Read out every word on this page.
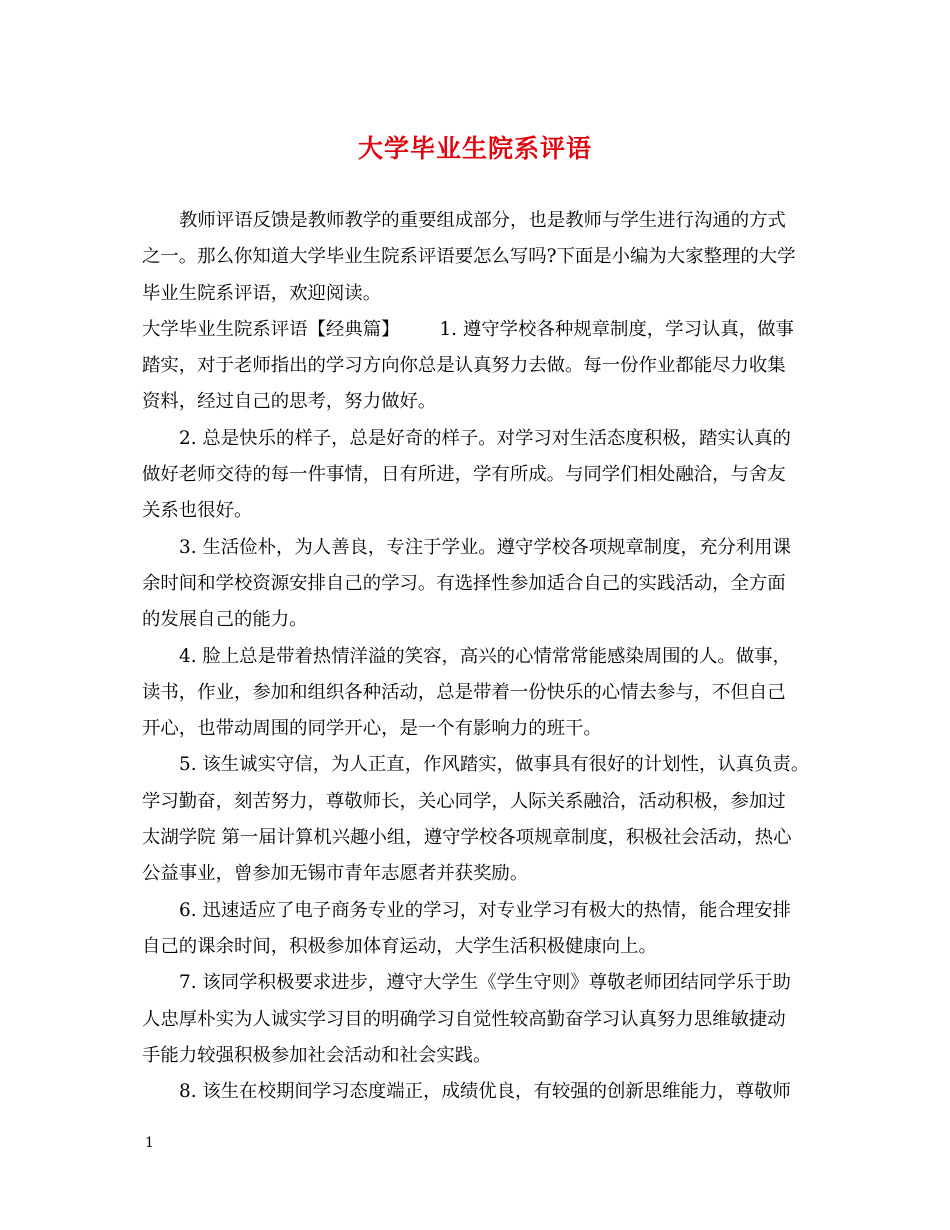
大学毕业生院系评语
教师评语反馈是教师教学的重要组成部分，也是教师与学生进行沟通的方式
之一。那么你知道大学毕业生院系评语要怎么写吗?下面是小编为大家整理的大学
毕业生院系评语，欢迎阅读。
大学毕业生院系评语【经典篇】 1. 遵守学校各种规章制度，学习认真，做事
踏实，对于老师指出的学习方向你总是认真努力去做。每一份作业都能尽力收集
资料，经过自己的思考，努力做好。
2. 总是快乐的样子，总是好奇的样子。对学习对生活态度积极，踏实认真的
做好老师交待的每一件事情，日有所进，学有所成。与同学们相处融洽，与舍友
关系也很好。
3. 生活俭朴，为人善良，专注于学业。遵守学校各项规章制度，充分利用课
余时间和学校资源安排自己的学习。有选择性参加适合自己的实践活动，全方面
的发展自己的能力。
4. 脸上总是带着热情洋溢的笑容，高兴的心情常常能感染周围的人。做事，
读书，作业，参加和组织各种活动，总是带着一份快乐的心情去参与，不但自己
开心，也带动周围的同学开心，是一个有影响力的班干。
5. 该生诚实守信，为人正直，作风踏实，做事具有很好的计划性，认真负责。
学习勤奋，刻苦努力，尊敬师长，关心同学，人际关系融洽，活动积极，参加过
太湖学院 第一届计算机兴趣小组，遵守学校各项规章制度，积极社会活动，热心
公益事业，曾参加无锡市青年志愿者并获奖励。
6. 迅速适应了电子商务专业的学习，对专业学习有极大的热情，能合理安排
自己的课余时间，积极参加体育运动，大学生活积极健康向上。
7. 该同学积极要求进步，遵守大学生《学生守则》尊敬老师团结同学乐于助
人忠厚朴实为人诚实学习目的明确学习自觉性较高勤奋学习认真努力思维敏捷动
手能力较强积极参加社会活动和社会实践。
8. 该生在校期间学习态度端正，成绩优良，有较强的创新思维能力，尊敬师
1
